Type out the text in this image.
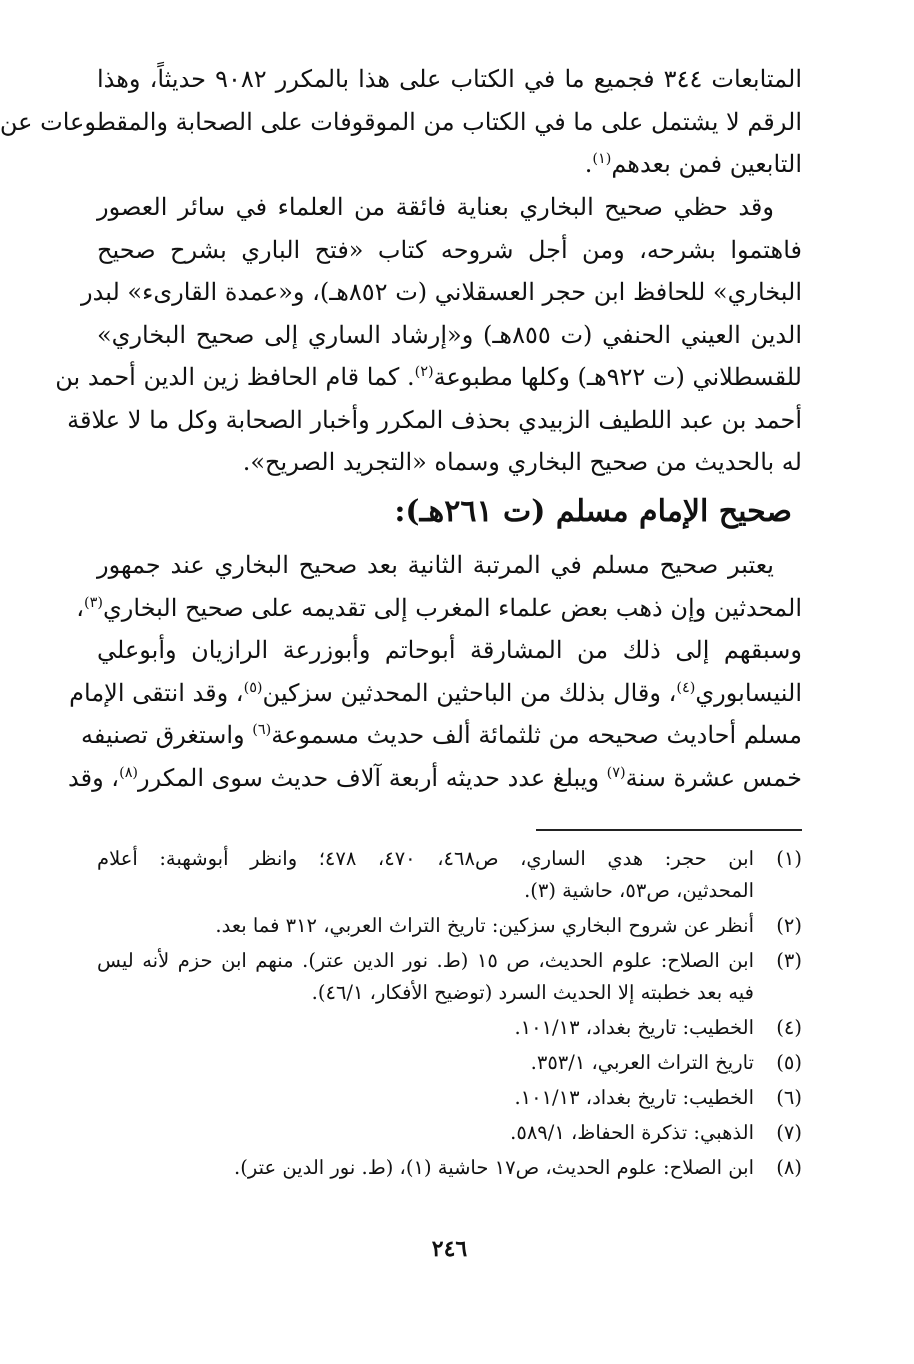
المتابعات ٣٤٤ فجميع ما في الكتاب على هذا بالمكرر ٩٠٨٢ حديثاً، وهذا
الرقم لا يشتمل على ما في الكتاب من الموقوفات على الصحابة والمقطوعات عن
التابعين فمن بعدهم$^{(١)}$.
وقد حظي صحيح البخاري بعناية فائقة من العلماء في سائر العصور
فاهتموا بشرحه، ومن أجل شروحه كتاب «فتح الباري بشرح صحيح
البخاري» للحافظ ابن حجر العسقلاني (ت ٨٥٢هـ)، و«عمدة القارىء» لبدر
الدين العيني الحنفي (ت ٨٥٥هـ) و«إرشاد الساري إلى صحيح البخاري»
للقسطلاني (ت ٩٢٢هـ) وكلها مطبوعة$^{(٢)}$. كما قام الحافظ زين الدين أحمد بن
أحمد بن عبد اللطيف الزبيدي بحذف المكرر وأخبار الصحابة وكل ما لا علاقة
له بالحديث من صحيح البخاري وسماه «التجريد الصريح».
صحيح الإمام مسلم (ت ٢٦١هـ):
يعتبر صحيح مسلم في المرتبة الثانية بعد صحيح البخاري عند جمهور
المحدثين وإن ذهب بعض علماء المغرب إلى تقديمه على صحيح البخاري$^{(٣)}$،
وسبقهم إلى ذلك من المشارقة أبوحاتم وأبوزرعة الرازيان وأبوعلي
النيسابوري$^{(٤)}$، وقال بذلك من الباحثين المحدثين سزكين$^{(٥)}$، وقد انتقى الإمام
مسلم أحاديث صحيحه من ثلثمائة ألف حديث مسموعة$^{(٦)}$ واستغرق تصنيفه
خمس عشرة سنة$^{(٧)}$ ويبلغ عدد حديثه أربعة آلاف حديث سوى المكرر$^{(٨)}$، وقد
(١)
ابن حجر: هدي الساري، ص٤٦٨، ٤٧٠، ٤٧٨؛ وانظر أبوشهبة: أعلام
المحدثين، ص٥٣، حاشية (٣).
(٢)
أنظر عن شروح البخاري سزكين: تاريخ التراث العربي، ٣١٢ فما بعد.
(٣)
ابن الصلاح: علوم الحديث، ص ١٥ (ط. نور الدين عتر). منهم ابن حزم لأنه ليس
فيه بعد خطبته إلا الحديث السرد (توضيح الأفكار، ٤٦/١).
(٤)
الخطيب: تاريخ بغداد، ١٠١/١٣.
(٥)
تاريخ التراث العربي، ٣٥٣/١.
(٦)
الخطيب: تاريخ بغداد، ١٠١/١٣.
(٧)
الذهبي: تذكرة الحفاظ، ٥٨٩/١.
(٨)
ابن الصلاح: علوم الحديث، ص١٧ حاشية (١)، (ط. نور الدين عتر).
٢٤٦
